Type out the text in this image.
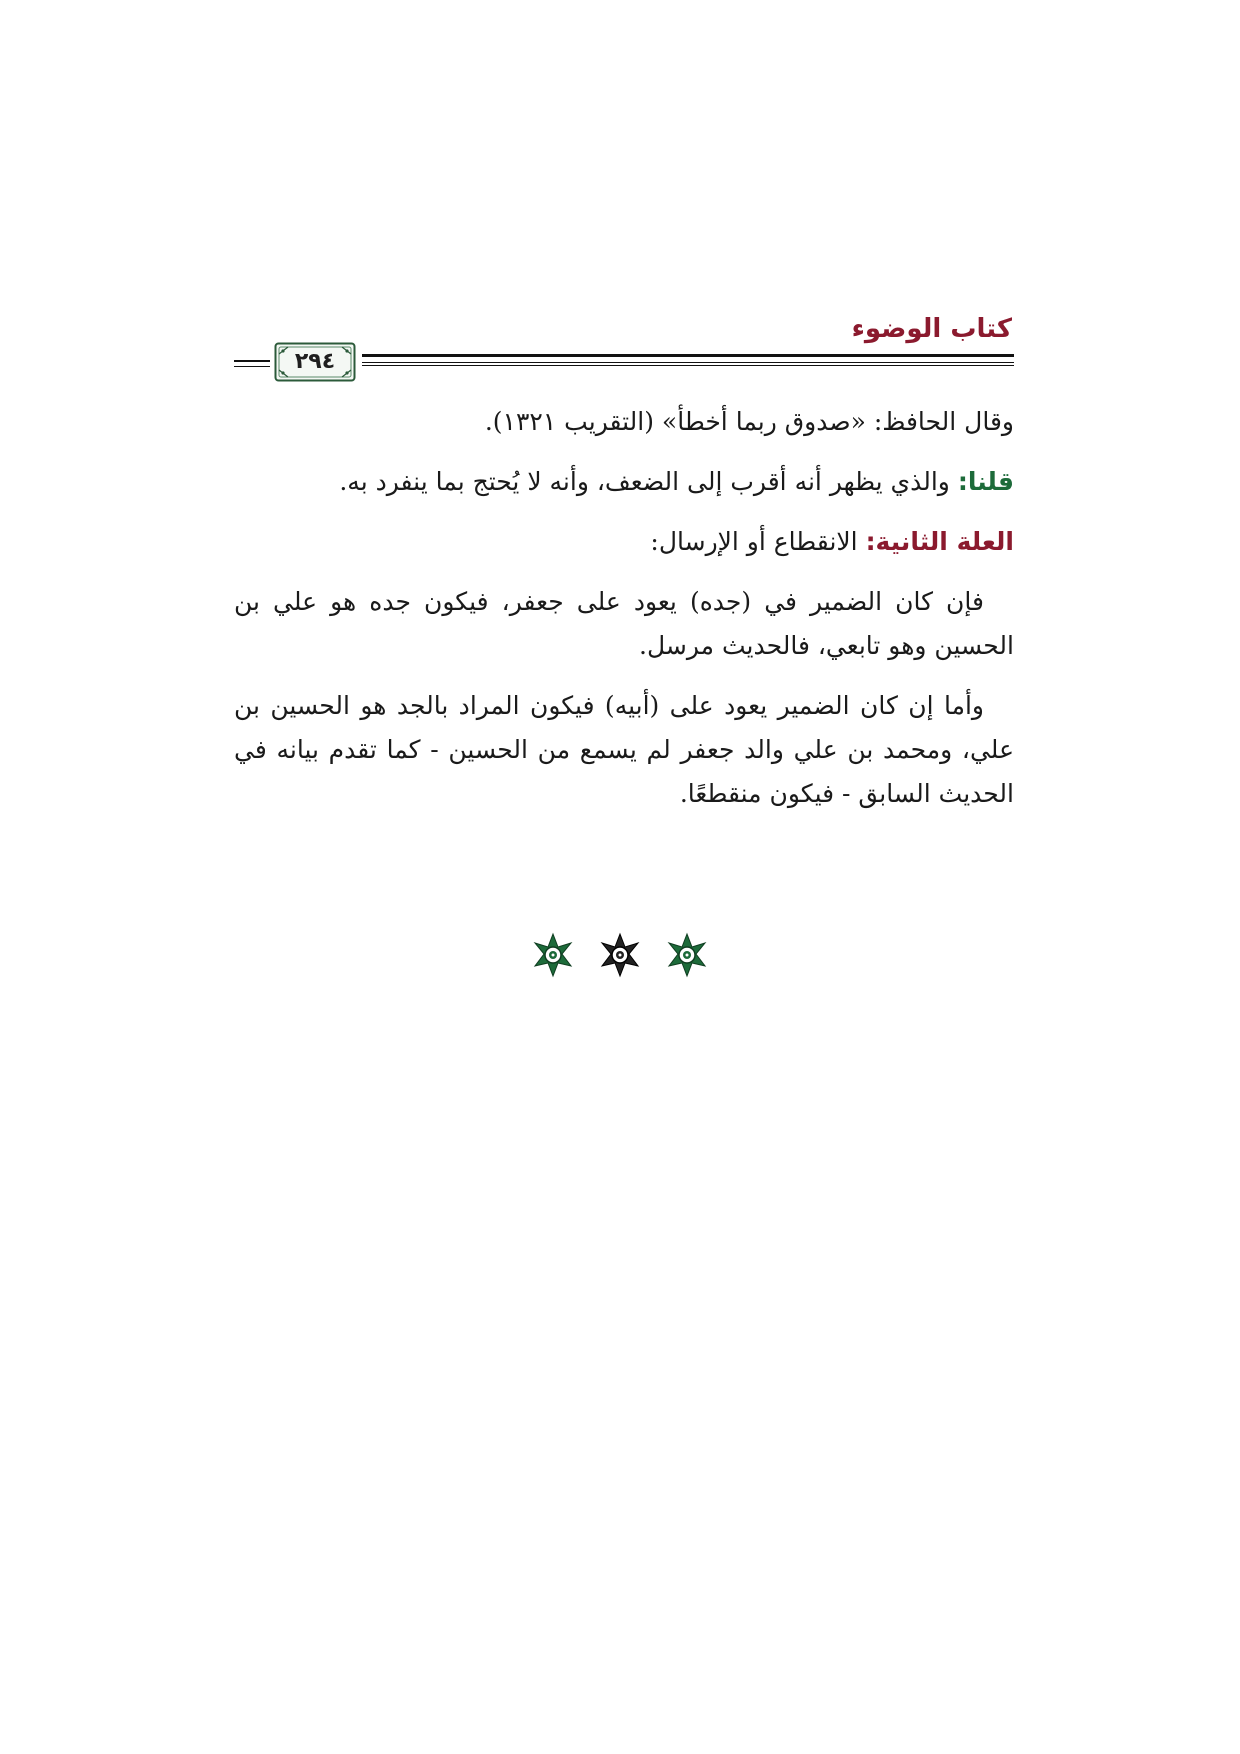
كتاب الوضوء
٢٩٤

وقال الحافظ: «صدوق ربما أخطأ» (التقريب ١٣٢١).

قلنا: والذي يظهر أنه أقرب إلى الضعف، وأنه لا يُحتج بما ينفرد به.

العلة الثانية: الانقطاع أو الإرسال:

فإن كان الضمير في (جده) يعود على جعفر، فيكون جده هو علي بن الحسين وهو تابعي، فالحديث مرسل.

وأما إن كان الضمير يعود على (أبيه) فيكون المراد بالجد هو الحسين بن علي، ومحمد بن علي والد جعفر لم يسمع من الحسين - كما تقدم بيانه في الحديث السابق - فيكون منقطعًا.
